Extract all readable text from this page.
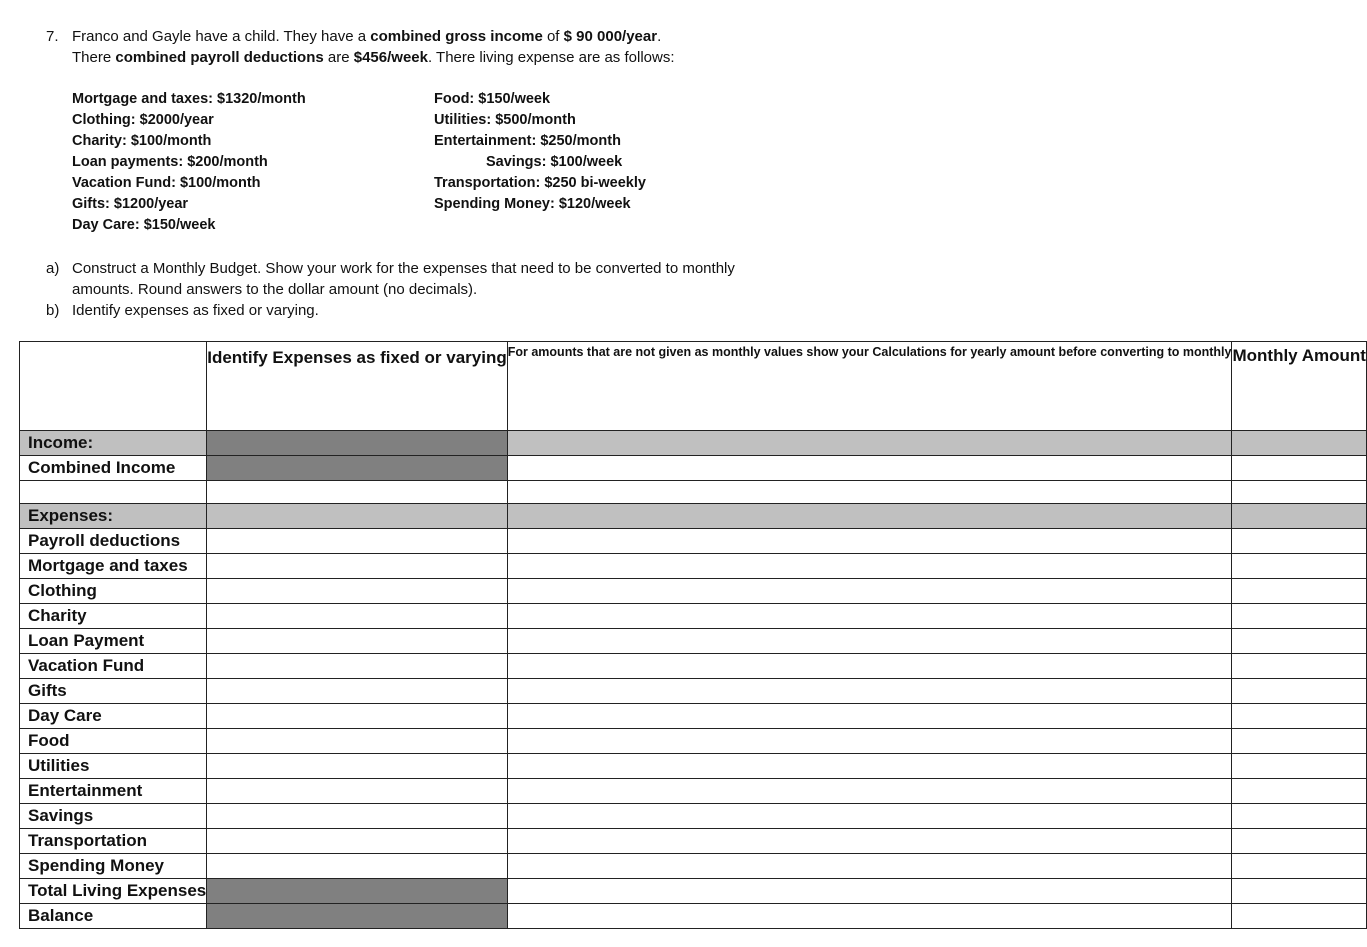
7. Franco and Gayle have a child. They have a combined gross income of $ 90 000/year.
There combined payroll deductions are $456/week. There living expense are as follows:
Mortgage and taxes: $1320/month
Clothing: $2000/year
Charity: $100/month
Loan payments: $200/month
Vacation Fund: $100/month
Gifts: $1200/year
Day Care: $150/week
Food: $150/week
Utilities: $500/month
Entertainment: $250/month
Savings: $100/week
Transportation: $250 bi-weekly
Spending Money: $120/week
a) Construct a Monthly Budget. Show your work for the expenses that need to be converted to monthly amounts. Round answers to the dollar amount (no decimals).
b) Identify expenses as fixed or varying.

	Identify Expenses as fixed or varying	For amounts that are not given as monthly values show your Calculations for yearly amount before converting to monthly	Monthly Amount

Income:			
Combined Income			

Expenses:			
Payroll deductions			
Mortgage and taxes			
Clothing			
Charity			
Loan Payment			
Vacation Fund			
Gifts			
Day Care			
Food			
Utilities			
Entertainment			
Savings			
Transportation			
Spending Money			
Total Living Expenses			
Balance			
